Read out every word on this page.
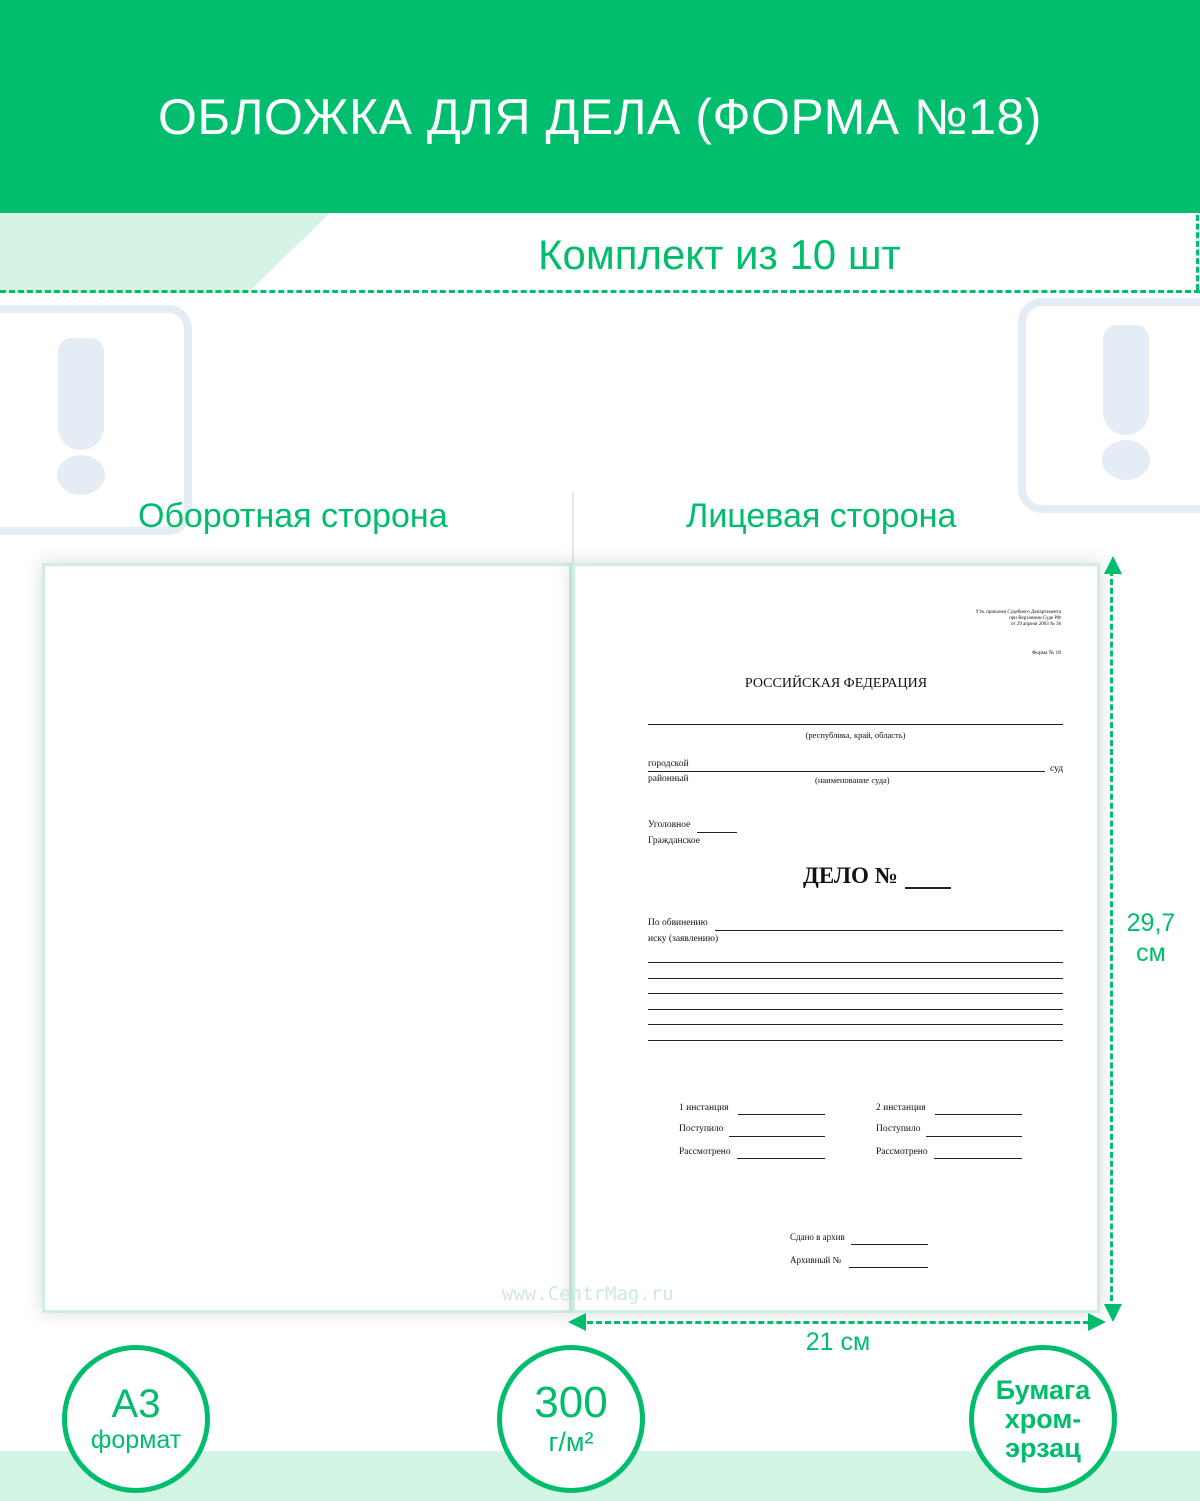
ОБЛОЖКА ДЛЯ ДЕЛА (ФОРМА №18)
Комплект из 10 шт
Оборотная сторона	Лицевая сторона
Утв. приказом Судебного Департамента
при Верховном Суде РФ
от 29 апреля 2003 № 36
Форма № 18
РОССИЙСКАЯ ФЕДЕРАЦИЯ
(республика, край, область)
городской	суд
районный	(наименование суда)
Уголовное
Гражданское
ДЕЛО №
По обвинению
иску (заявлению)
1 инстанция
Поступило
Рассмотрено
2 инстанция
Поступило
Рассмотрено
Сдано в архив
Архивный №
29,7
см
21 см
www.CentrMag.ru
А3
формат
300
г/м²
Бумага
хром-
эрзац
